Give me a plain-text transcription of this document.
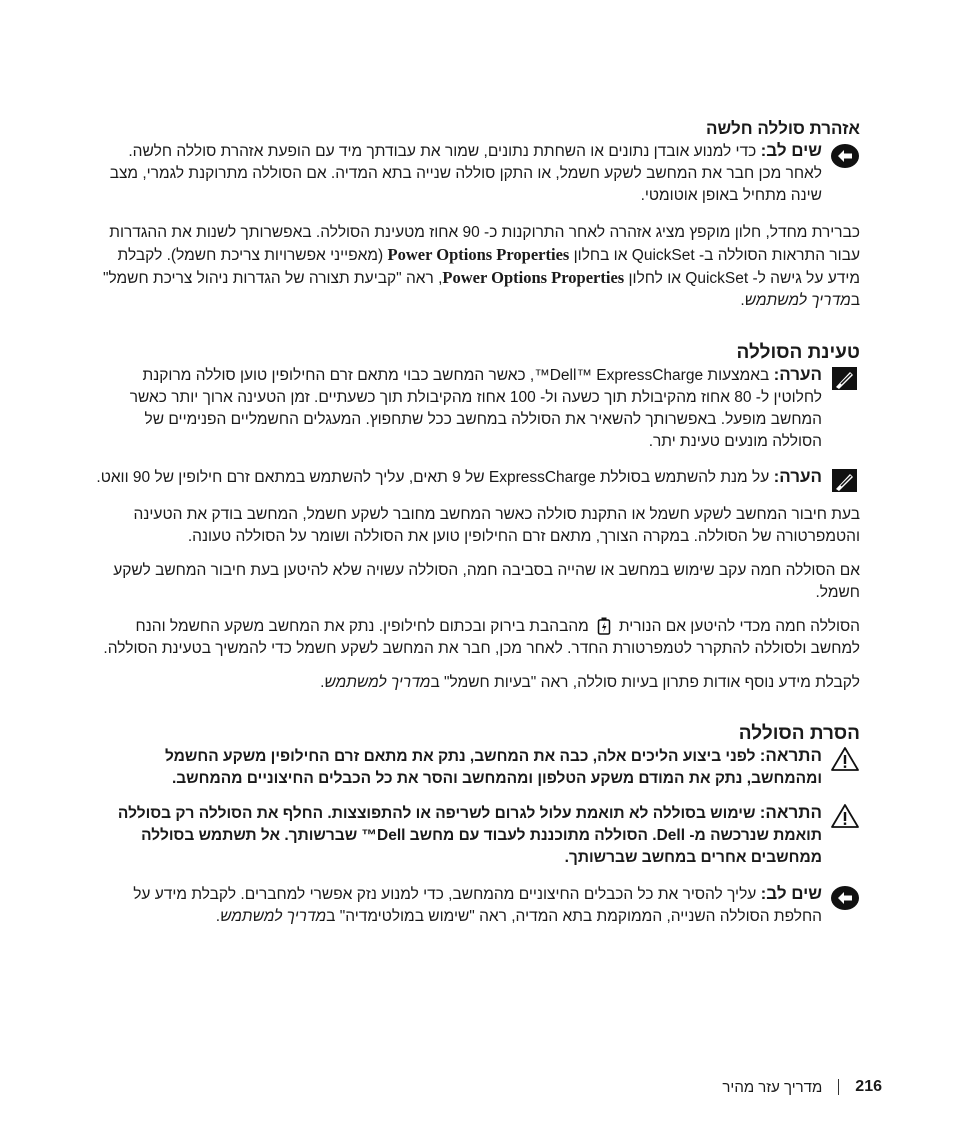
אזהרת סוללה חלשה

שים לב: כדי למנוע אובדן נתונים או השחתת נתונים, שמור את עבודתך מיד עם הופעת אזהרת סוללה חלשה. לאחר מכן חבר את המחשב לשקע חשמל, או התקן סוללה שנייה בתא המדיה. אם הסוללה מתרוקנת לגמרי, מצב שינה מתחיל באופן אוטומטי.

כברירת מחדל, חלון מוקפץ מציג אזהרה לאחר התרוקנות כ- 90 אחוז מטעינת הסוללה. באפשרותך לשנות את ההגדרות עבור התראות הסוללה ב- QuickSet או בחלון Power Options Properties (מאפייני אפשרויות צריכת חשמל). לקבלת מידע על גישה ל- QuickSet או לחלון Power Options Properties, ראה "קביעת תצורה של הגדרות ניהול צריכת חשמל" במדריך למשתמש.

טעינת הסוללה

הערה: באמצעות Dell™ ExpressCharge™, כאשר המחשב כבוי מתאם זרם החילופין טוען סוללה מרוקנת לחלוטין ל- 80 אחוז מהקיבולת תוך כשעה ול- 100 אחוז מהקיבולת תוך כשעתיים. זמן הטעינה ארוך יותר כאשר המחשב מופעל. באפשרותך להשאיר את הסוללה במחשב ככל שתחפוץ. המעגלים החשמליים הפנימיים של הסוללה מונעים טעינת יתר.

הערה: על מנת להשתמש בסוללת ExpressCharge של 9 תאים, עליך להשתמש במתאם זרם חילופין של 90 וואט.

בעת חיבור המחשב לשקע חשמל או התקנת סוללה כאשר המחשב מחובר לשקע חשמל, המחשב בודק את הטעינה והטמפרטורה של הסוללה. במקרה הצורך, מתאם זרם החילופין טוען את הסוללה ושומר על הסוללה טעונה.

אם הסוללה חמה עקב שימוש במחשב או שהייה בסביבה חמה, הסוללה עשויה שלא להיטען בעת חיבור המחשב לשקע חשמל.

הסוללה חמה מכדי להיטען אם הנוריתמהבהבת בירוק ובכתום לחילופין. נתק את המחשב משקע החשמל והנח למחשב ולסוללה להתקרר לטמפרטורת החדר. לאחר מכן, חבר את המחשב לשקע חשמל כדי להמשיך בטעינת הסוללה.

לקבלת מידע נוסף אודות פתרון בעיות סוללה, ראה "בעיות חשמל" במדריך למשתמש.

הסרת הסוללה

התראה: לפני ביצוע הליכים אלה, כבה את המחשב, נתק את מתאם זרם החילופין משקע החשמל ומהמחשב, נתק את המודם משקע הטלפון ומהמחשב והסר את כל הכבלים החיצוניים מהמחשב.

התראה: שימוש בסוללה לא תואמת עלול לגרום לשריפה או להתפוצצות. החלף את הסוללה רק בסוללה תואמת שנרכשה מ- Dell. הסוללה מתוכננת לעבוד עם מחשב Dell™ שברשותך. אל תשתמש בסוללה ממחשבים אחרים במחשב שברשותך.

שים לב: עליך להסיר את כל הכבלים החיצוניים מהמחשב, כדי למנוע נזק אפשרי למחברים. לקבלת מידע על החלפת הסוללה השנייה, הממוקמת בתא המדיה, ראה "שימוש במולטימדיה" במדריך למשתמש.

216
מדריך עזר מהיר
